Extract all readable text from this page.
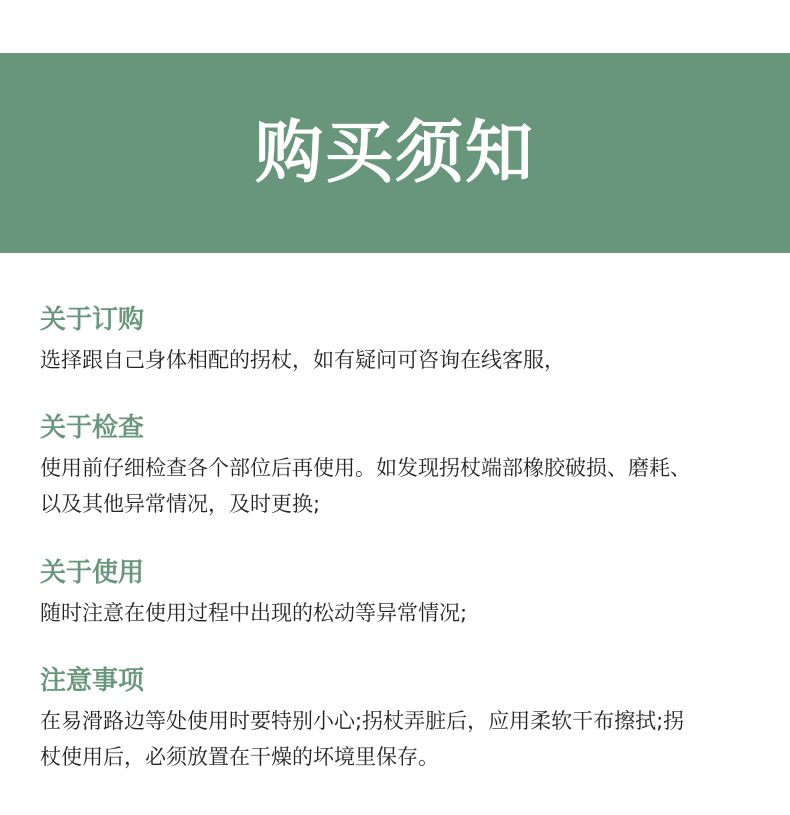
购买须知
关于订购
选择跟自己身体相配的拐杖，如有疑问可咨询在线客服，
关于检查
使用前仔细检查各个部位后再使用。如发现拐杖端部橡胶破损、磨耗、
以及其他异常情况，及时更换;
关于使用
随时注意在使用过程中出现的松动等异常情况;
注意事项
在易滑路边等处使用时要特别小心;拐杖弄脏后，应用柔软干布擦拭;拐
杖使用后，必须放置在干燥的坏境里保存。
